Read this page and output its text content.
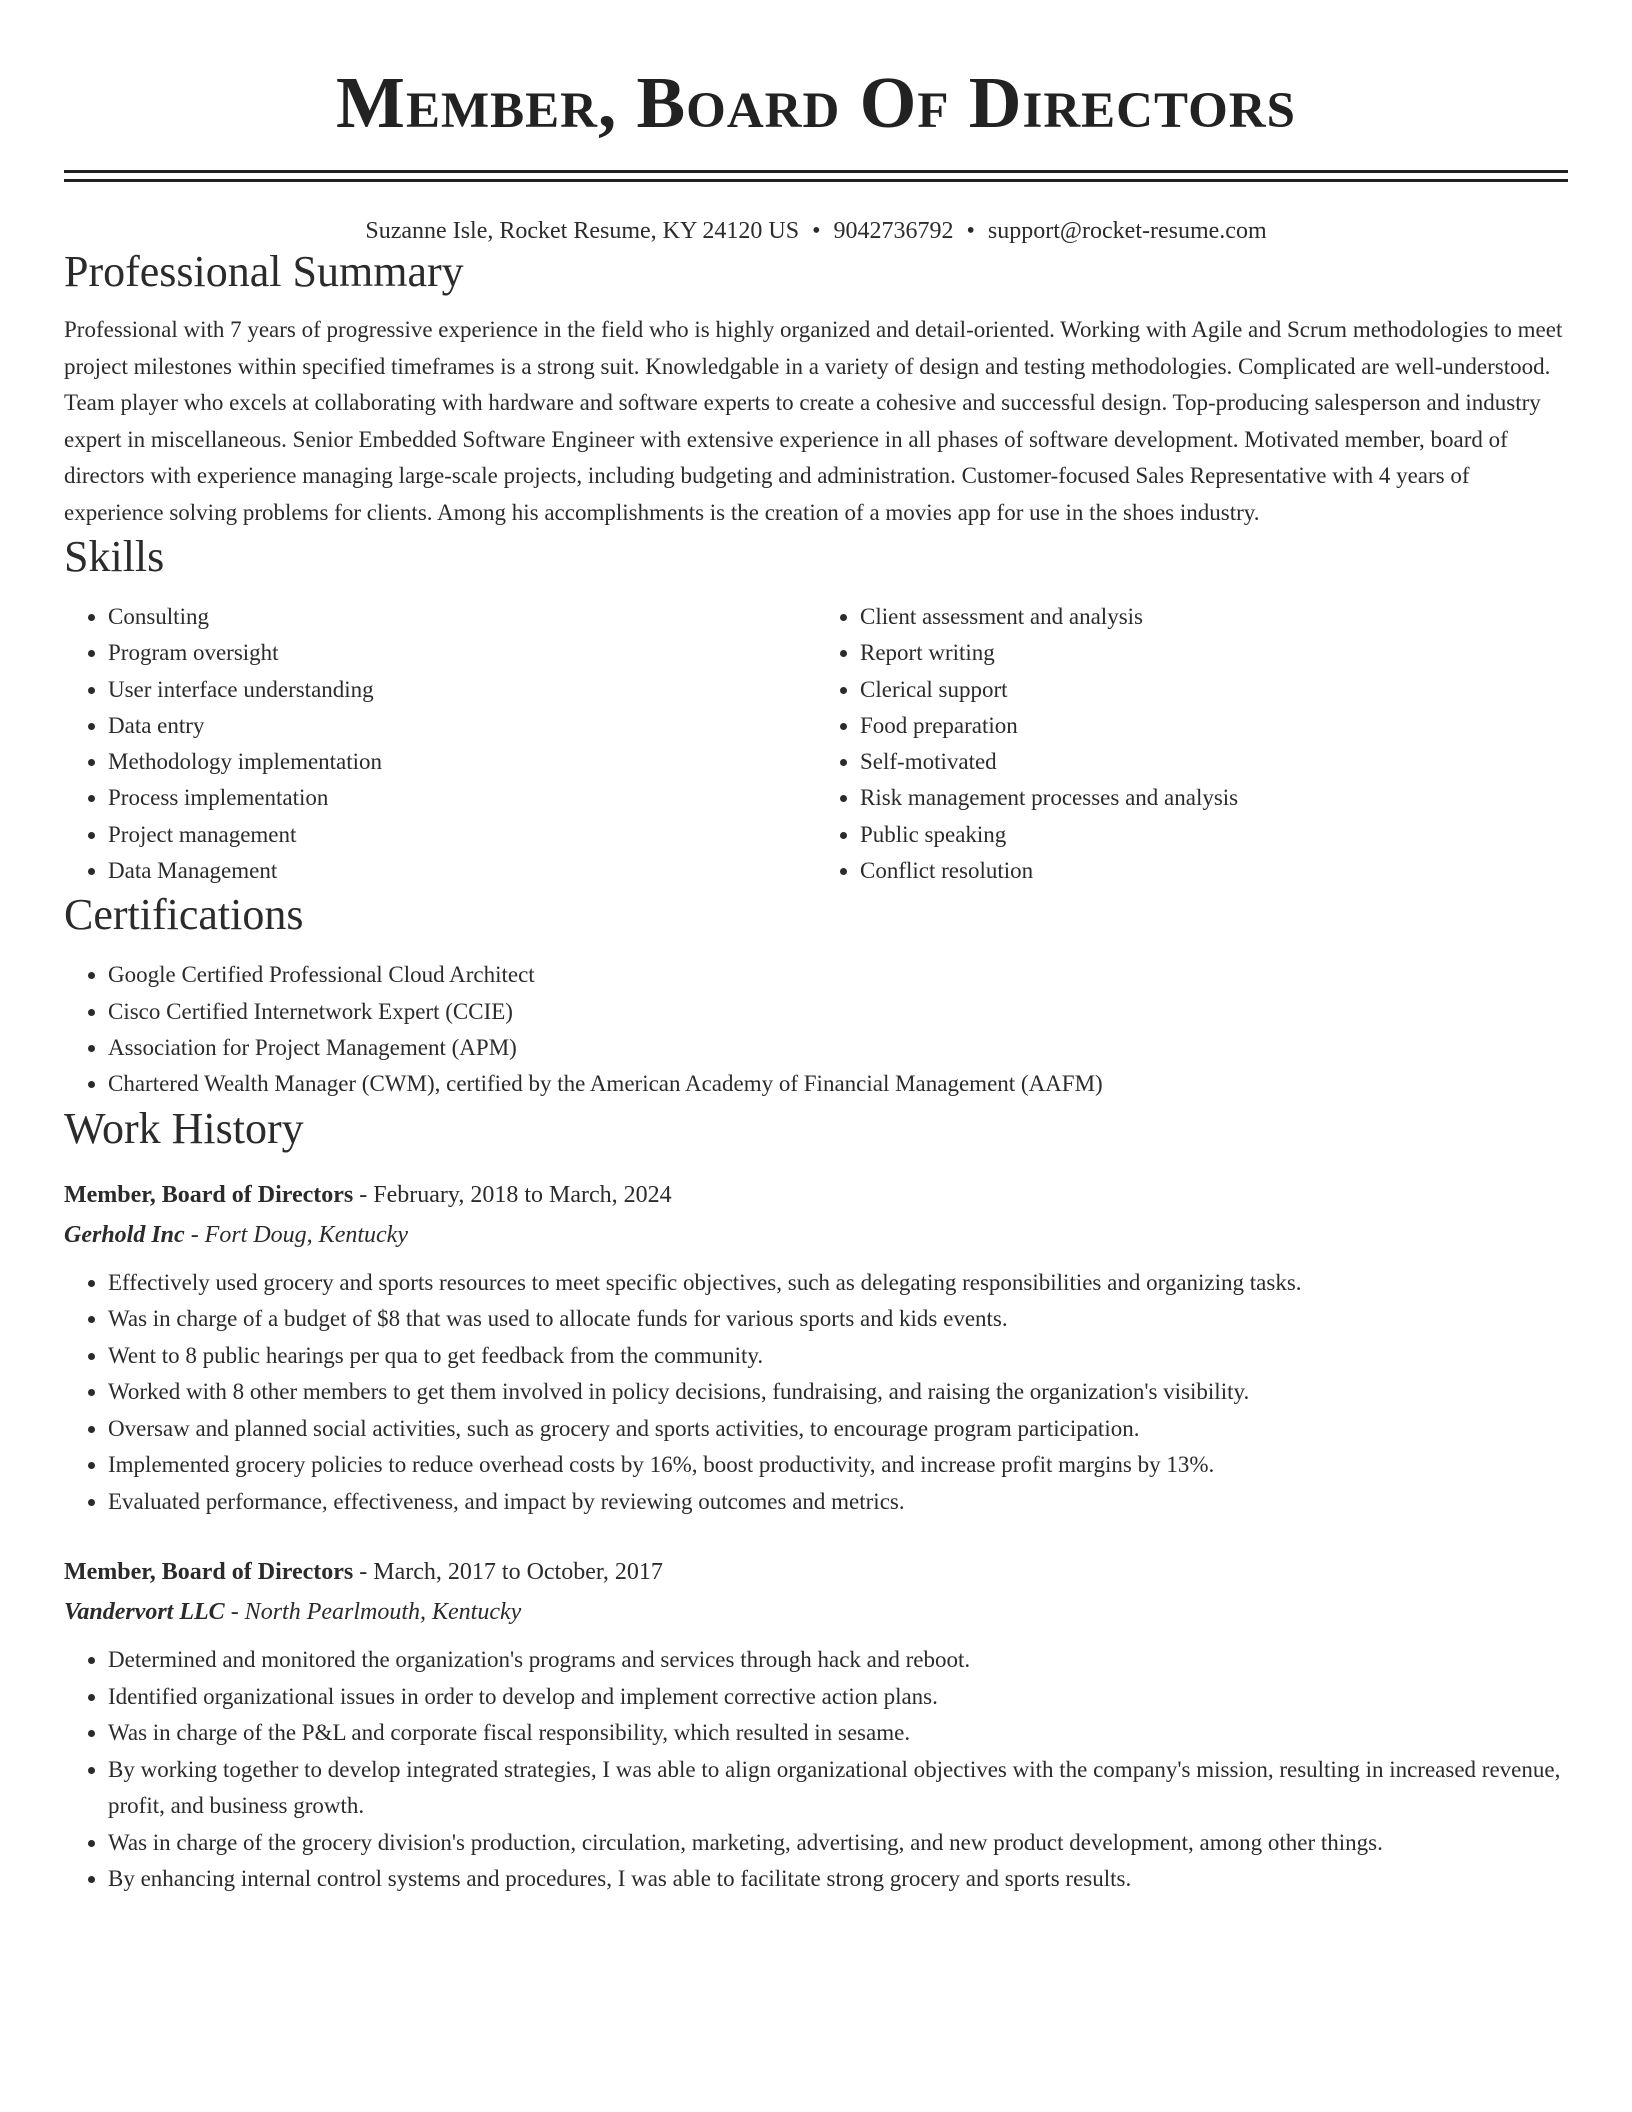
Member, Board Of Directors
Suzanne Isle, Rocket Resume, KY 24120 US • 9042736792 • support@rocket-resume.com
Professional Summary

Professional with 7 years of progressive experience in the field who is highly organized and detail-oriented. Working with Agile and Scrum methodologies to meet project milestones within specified timeframes is a strong suit. Knowledgable in a variety of design and testing methodologies. Complicated are well-understood. Team player who excels at collaborating with hardware and software experts to create a cohesive and successful design. Top-producing salesperson and industry expert in miscellaneous. Senior Embedded Software Engineer with extensive experience in all phases of software development. Motivated member, board of directors with experience managing large-scale projects, including budgeting and administration. Customer-focused Sales Representative with 4 years of experience solving problems for clients. Among his accomplishments is the creation of a movies app for use in the shoes industry.

Skills
• Consulting
• Program oversight
• User interface understanding
• Data entry
• Methodology implementation
• Process implementation
• Project management
• Data Management
• Client assessment and analysis
• Report writing
• Clerical support
• Food preparation
• Self-motivated
• Risk management processes and analysis
• Public speaking
• Conflict resolution
Certifications
• Google Certified Professional Cloud Architect
• Cisco Certified Internetwork Expert (CCIE)
• Association for Project Management (APM)
• Chartered Wealth Manager (CWM), certified by the American Academy of Financial Management (AAFM)
Work History
Member, Board of Directors - February, 2018 to March, 2024
Gerhold Inc - Fort Doug, Kentucky
• Effectively used grocery and sports resources to meet specific objectives, such as delegating responsibilities and organizing tasks.
• Was in charge of a budget of $8 that was used to allocate funds for various sports and kids events.
• Went to 8 public hearings per qua to get feedback from the community.
• Worked with 8 other members to get them involved in policy decisions, fundraising, and raising the organization's visibility.
• Oversaw and planned social activities, such as grocery and sports activities, to encourage program participation.
• Implemented grocery policies to reduce overhead costs by 16%, boost productivity, and increase profit margins by 13%.
• Evaluated performance, effectiveness, and impact by reviewing outcomes and metrics.
Member, Board of Directors - March, 2017 to October, 2017
Vandervort LLC - North Pearlmouth, Kentucky
• Determined and monitored the organization's programs and services through hack and reboot.
• Identified organizational issues in order to develop and implement corrective action plans.
• Was in charge of the P&L and corporate fiscal responsibility, which resulted in sesame.
• By working together to develop integrated strategies, I was able to align organizational objectives with the company's mission, resulting in increased revenue, profit, and business growth.
• Was in charge of the grocery division's production, circulation, marketing, advertising, and new product development, among other things.
• By enhancing internal control systems and procedures, I was able to facilitate strong grocery and sports results.
